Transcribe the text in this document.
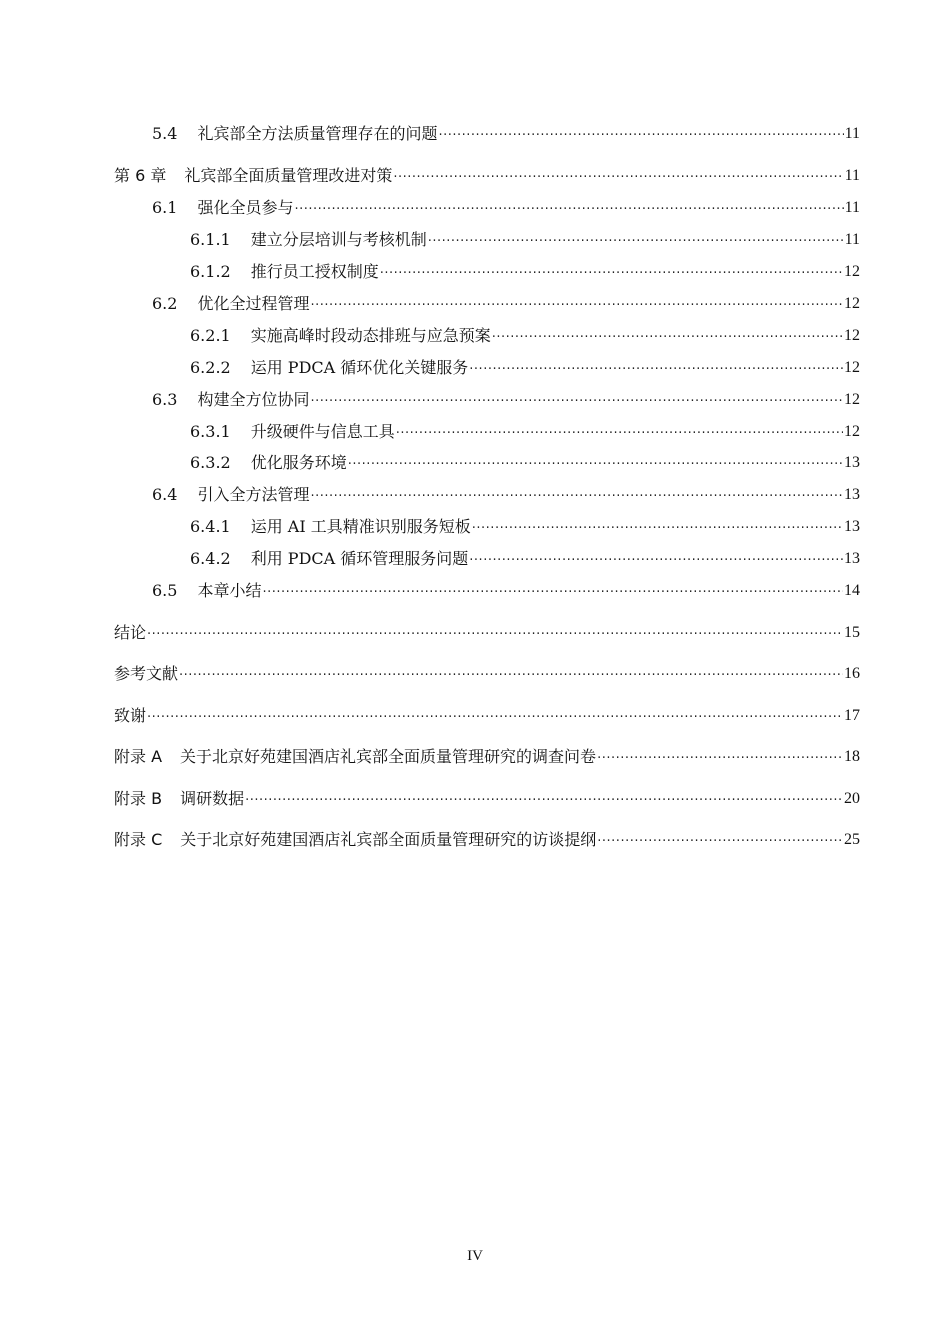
5.4 礼宾部全方法质量管理存在的问题 .....	11
第 6 章 礼宾部全面质量管理改进对策 .....	11
6.1 强化全员参与 .....	11
6.1.1 建立分层培训与考核机制 .....	11
6.1.2 推行员工授权制度 .....	12
6.2 优化全过程管理 .....	12
6.2.1 实施高峰时段动态排班与应急预案 .....	12
6.2.2 运用 PDCA 循环优化关键服务 .....	12
6.3 构建全方位协同 .....	12
6.3.1 升级硬件与信息工具 .....	12
6.3.2 优化服务环境 .....	13
6.4 引入全方法管理 .....	13
6.4.1 运用 AI 工具精准识别服务短板 .....	13
6.4.2 利用 PDCA 循环管理服务问题 .....	13
6.5 本章小结 .....	14
结论 .....	15
参考文献 .....	16
致谢 .....	17
附录 A 关于北京好苑建国酒店礼宾部全面质量管理研究的调查问卷 .....	18
附录 B 调研数据 .....	20
附录 C 关于北京好苑建国酒店礼宾部全面质量管理研究的访谈提纲 .....	25
IV
